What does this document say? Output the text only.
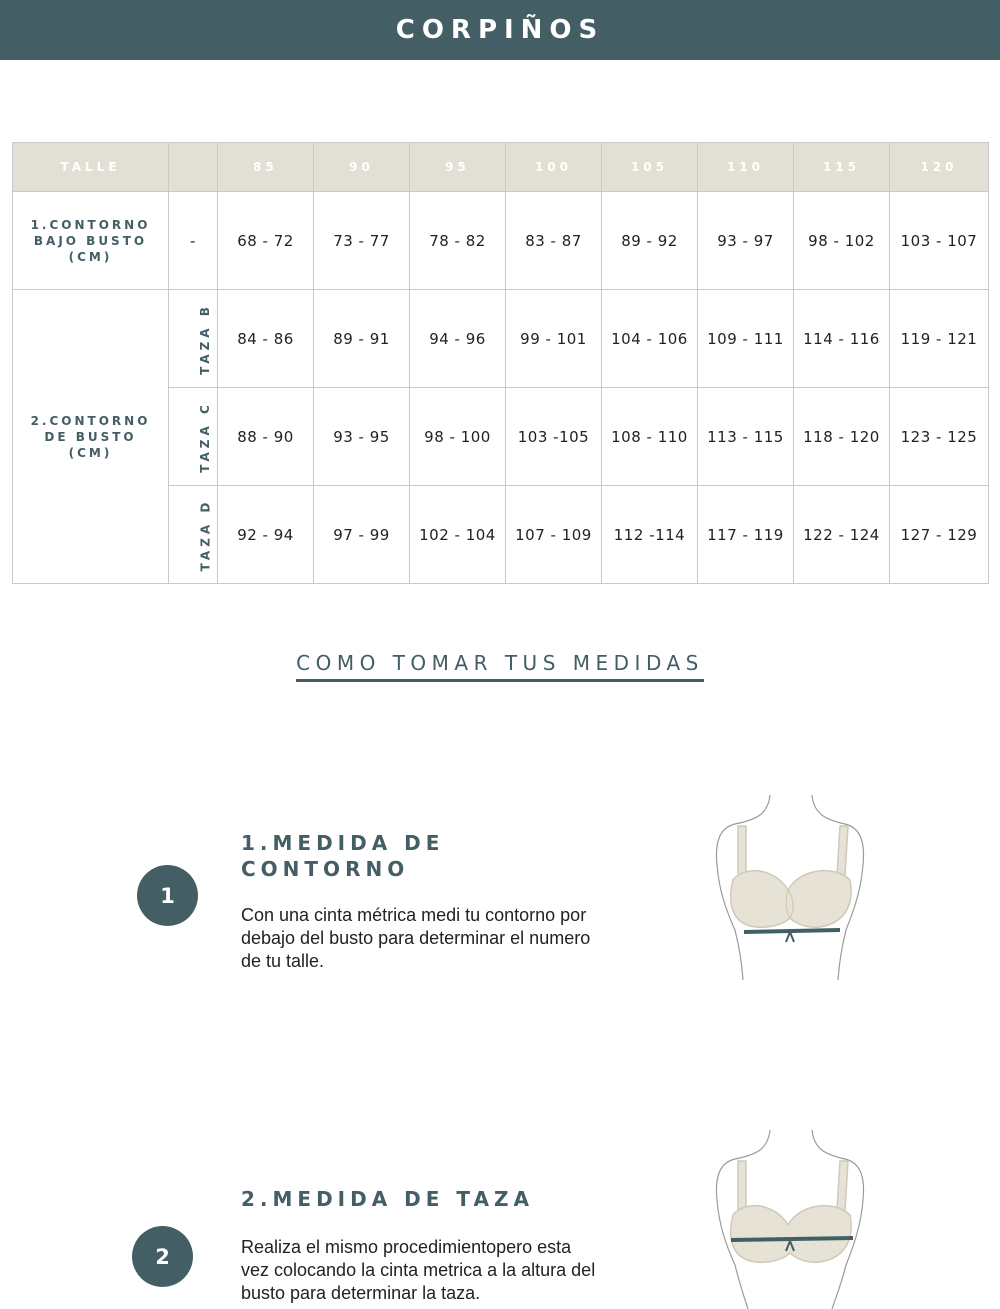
CORPIÑOS
TALLE		85	90	95	100	105	110	115	120
1.CONTORNO BAJO BUSTO (CM)	-	68 - 72	73 - 77	78 - 82	83 - 87	89 - 92	93 - 97	98 - 102	103 - 107
2.CONTORNO DE BUSTO (CM)	TAZA B	84 - 86	89 - 91	94 - 96	99 - 101	104 - 106	109 - 111	114 - 116	119 - 121
	TAZA C	88 - 90	93 - 95	98 - 100	103 -105	108 - 110	113 - 115	118 - 120	123 - 125
	TAZA D	92 - 94	97 - 99	102 - 104	107 - 109	112 -114	117 - 119	122 - 124	127 - 129
COMO TOMAR TUS MEDIDAS
1
1.MEDIDA DE CONTORNO
Con una cinta métrica medi tu contorno por debajo del busto para determinar el numero de tu talle.
2
2.MEDIDA DE TAZA
Realiza el mismo procedimientopero esta vez colocando la cinta metrica a la altura del busto para determinar la taza.
